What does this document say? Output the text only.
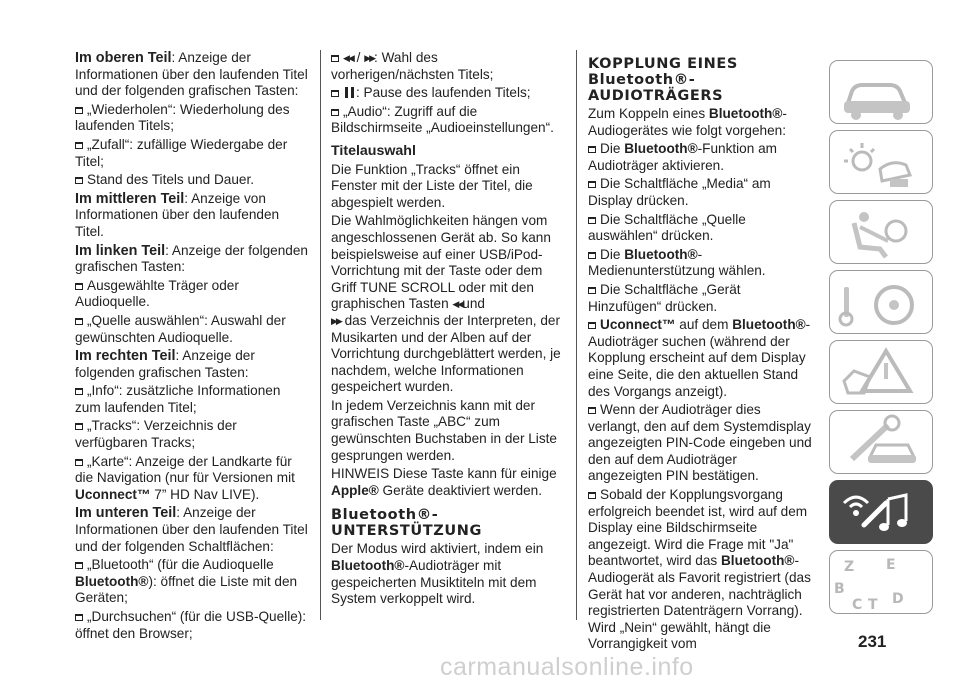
Im oberen Teil: Anzeige der Informationen über den laufenden Titel und der folgenden grafischen Tasten:

„Wiederholen“: Wiederholung des laufenden Titels;

„Zufall“: zufällige Wiedergabe der Titel;

Stand des Titels und Dauer.

Im mittleren Teil: Anzeige von Informationen über den laufenden Titel.

Im linken Teil: Anzeige der folgenden grafischen Tasten:

Ausgewählte Träger oder Audioquelle.

„Quelle auswählen“: Auswahl der gewünschten Audioquelle.

Im rechten Teil: Anzeige der folgenden grafischen Tasten:

„Info“: zusätzliche Informationen zum laufenden Titel;

„Tracks“: Verzeichnis der verfügbaren Tracks;

„Karte“: Anzeige der Landkarte für die Navigation (nur für Versionen mit Uconnect™ 7” HD Nav LIVE).

Im unteren Teil: Anzeige der Informationen über den laufenden Titel und der folgenden Schaltflächen:

„Bluetooth“ (für die Audioquelle Bluetooth®): öffnet die Liste mit den Geräten;

„Durchsuchen“ (für die USB-Quelle): öffnet den Browser;

◀◀ / ▶▶: Wahl des vorherigen/nächsten Titels;

: Pause des laufenden Titels;

„Audio“: Zugriff auf die Bildschirmseite „Audioeinstellungen“.

Titelauswahl

Die Funktion „Tracks“ öffnet ein Fenster mit der Liste der Titel, die abgespielt werden.

Die Wahlmöglichkeiten hängen vom angeschlossenen Gerät ab. So kann beispielsweise auf einer USB/iPod-Vorrichtung mit der Taste oder dem Griff TUNE SCROLL oder mit den graphischen Tasten ◀◀und
▶▶ das Verzeichnis der Interpreten, der Musikarten und der Alben auf der Vorrichtung durchgeblättert werden, je nachdem, welche Informationen gespeichert wurden.

In jedem Verzeichnis kann mit der grafischen Taste „ABC“ zum gewünschten Buchstaben in der Liste gesprungen werden.

HINWEIS Diese Taste kann für einige Apple® Geräte deaktiviert werden.

Bluetooth®-
UNTERSTÜTZUNG

Der Modus wird aktiviert, indem ein Bluetooth®-Audioträger mit gespeicherten Musiktiteln mit dem System verkoppelt wird.

KOPPLUNG EINES
Bluetooth®-
AUDIOTRÄGERS

Zum Koppeln eines Bluetooth®-Audiogerätes wie folgt vorgehen:

Die Bluetooth®-Funktion am Audioträger aktivieren.

Die Schaltfläche „Media“ am Display drücken.

Die Schaltfläche „Quelle auswählen“ drücken.

Die Bluetooth®-Medienunterstützung wählen.

Die Schaltfläche „Gerät Hinzufügen“ drücken.

Uconnect™ auf dem Bluetooth®-Audioträger suchen (während der Kopplung erscheint auf dem Display eine Seite, die den aktuellen Stand des Vorgangs anzeigt).

Wenn der Audioträger dies verlangt, den auf dem Systemdisplay angezeigten PIN-Code eingeben und den auf dem Audioträger angezeigten PIN bestätigen.

Sobald der Kopplungsvorgang erfolgreich beendet ist, wird auf dem Display eine Bildschirmseite angezeigt. Wird die Frage mit "Ja" beantwortet, wird das Bluetooth®-Audiogerät als Favorit registriert (das Gerät hat vor anderen, nachträglich registrierten Datenträgern Vorrang). Wird „Nein“ gewählt, hängt die Vorrangigkeit vom

Z E
B
C T D
231
carmanualsonline.info
